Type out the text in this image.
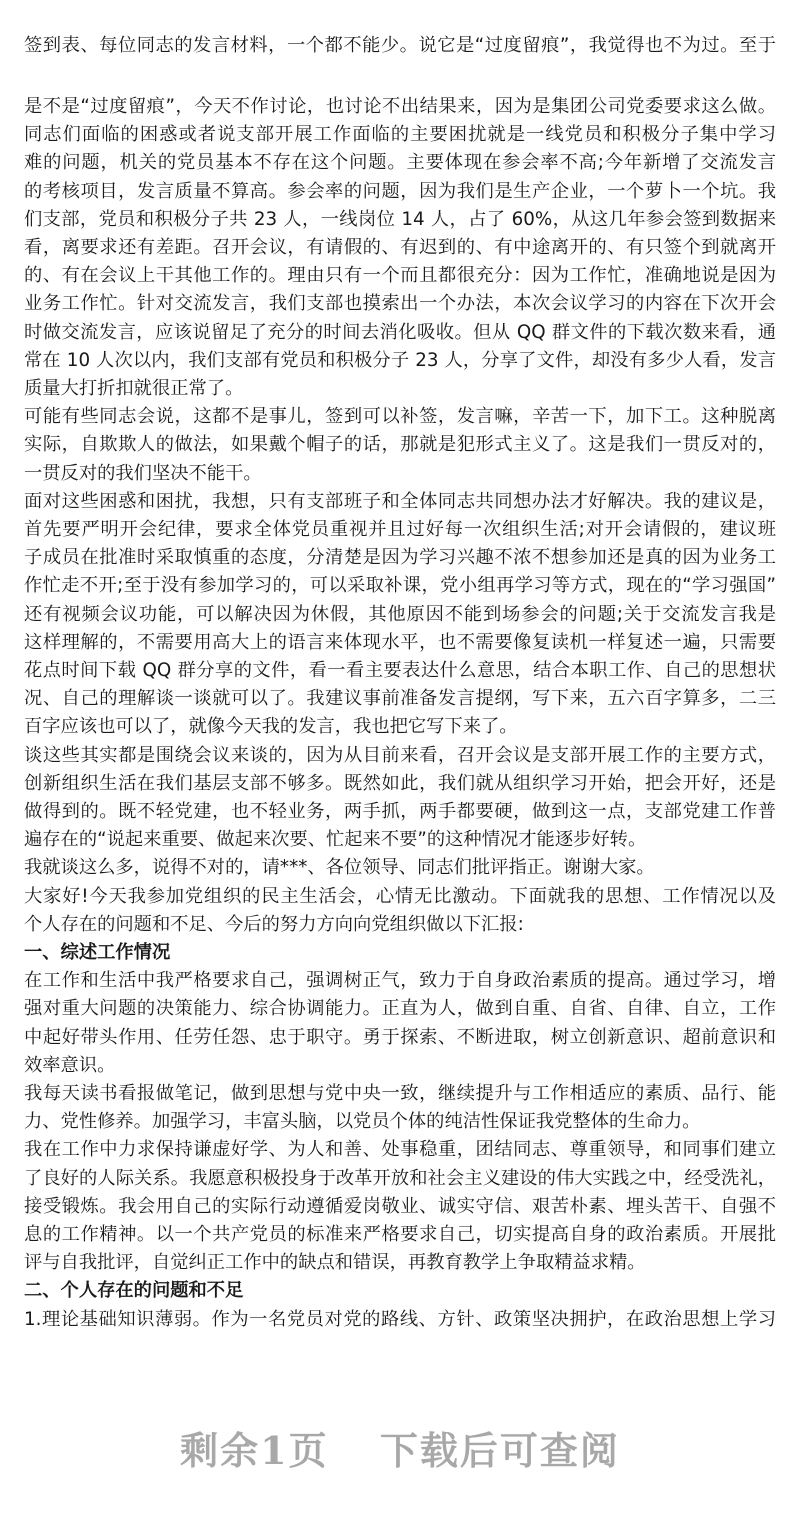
签到表、每位同志的发言材料，一个都不能少。说它是“过度留痕”，我觉得也不为过。至于
是不是“过度留痕”，今天不作讨论，也讨论不出结果来，因为是集团公司党委要求这么做。
同志们面临的困惑或者说支部开展工作面临的主要困扰就是一线党员和积极分子集中学习
难的问题，机关的党员基本不存在这个问题。主要体现在参会率不高;今年新增了交流发言
的考核项目，发言质量不算高。参会率的问题，因为我们是生产企业，一个萝卜一个坑。我
们支部，党员和积极分子共 23 人，一线岗位 14 人，占了 60%，从这几年参会签到数据来
看，离要求还有差距。召开会议，有请假的、有迟到的、有中途离开的、有只签个到就离开
的、有在会议上干其他工作的。理由只有一个而且都很充分：因为工作忙，准确地说是因为
业务工作忙。针对交流发言，我们支部也摸索出一个办法，本次会议学习的内容在下次开会
时做交流发言，应该说留足了充分的时间去消化吸收。但从 QQ 群文件的下载次数来看，通
常在 10 人次以内，我们支部有党员和积极分子 23 人，分享了文件，却没有多少人看，发言
质量大打折扣就很正常了。
可能有些同志会说，这都不是事儿，签到可以补签，发言嘛，辛苦一下，加下工。这种脱离
实际，自欺欺人的做法，如果戴个帽子的话，那就是犯形式主义了。这是我们一贯反对的，
一贯反对的我们坚决不能干。
面对这些困惑和困扰，我想，只有支部班子和全体同志共同想办法才好解决。我的建议是，
首先要严明开会纪律，要求全体党员重视并且过好每一次组织生活;对开会请假的，建议班
子成员在批准时采取慎重的态度，分清楚是因为学习兴趣不浓不想参加还是真的因为业务工
作忙走不开;至于没有参加学习的，可以采取补课，党小组再学习等方式，现在的“学习强国”
还有视频会议功能，可以解决因为休假，其他原因不能到场参会的问题;关于交流发言我是
这样理解的，不需要用高大上的语言来体现水平，也不需要像复读机一样复述一遍，只需要
花点时间下载 QQ 群分享的文件，看一看主要表达什么意思，结合本职工作、自己的思想状
况、自己的理解谈一谈就可以了。我建议事前准备发言提纲，写下来，五六百字算多，二三
百字应该也可以了，就像今天我的发言，我也把它写下来了。
谈这些其实都是围绕会议来谈的，因为从目前来看，召开会议是支部开展工作的主要方式，
创新组织生活在我们基层支部不够多。既然如此，我们就从组织学习开始，把会开好，还是
做得到的。既不轻党建，也不轻业务，两手抓，两手都要硬，做到这一点，支部党建工作普
遍存在的“说起来重要、做起来次要、忙起来不要”的这种情况才能逐步好转。
我就谈这么多，说得不对的，请***、各位领导、同志们批评指正。谢谢大家。
大家好!今天我参加党组织的民主生活会，心情无比激动。下面就我的思想、工作情况以及
个人存在的问题和不足、今后的努力方向向党组织做以下汇报:
一、综述工作情况
在工作和生活中我严格要求自己，强调树正气，致力于自身政治素质的提高。通过学习，增
强对重大问题的决策能力、综合协调能力。正直为人，做到自重、自省、自律、自立，工作
中起好带头作用、任劳任怨、忠于职守。勇于探索、不断进取，树立创新意识、超前意识和
效率意识。
我每天读书看报做笔记，做到思想与党中央一致，继续提升与工作相适应的素质、品行、能
力、党性修养。加强学习，丰富头脑，以党员个体的纯洁性保证我党整体的生命力。
我在工作中力求保持谦虚好学、为人和善、处事稳重，团结同志、尊重领导，和同事们建立
了良好的人际关系。我愿意积极投身于改革开放和社会主义建设的伟大实践之中，经受洗礼，
接受锻炼。我会用自己的实际行动遵循爱岗敬业、诚实守信、艰苦朴素、埋头苦干、自强不
息的工作精神。以一个共产党员的标准来严格要求自己，切实提高自身的政治素质。开展批
评与自我批评，自觉纠正工作中的缺点和错误，再教育教学上争取精益求精。
二、个人存在的问题和不足
1.理论基础知识薄弱。作为一名党员对党的路线、方针、政策坚决拥护，在政治思想上学习
剩余1页 下载后可查阅
